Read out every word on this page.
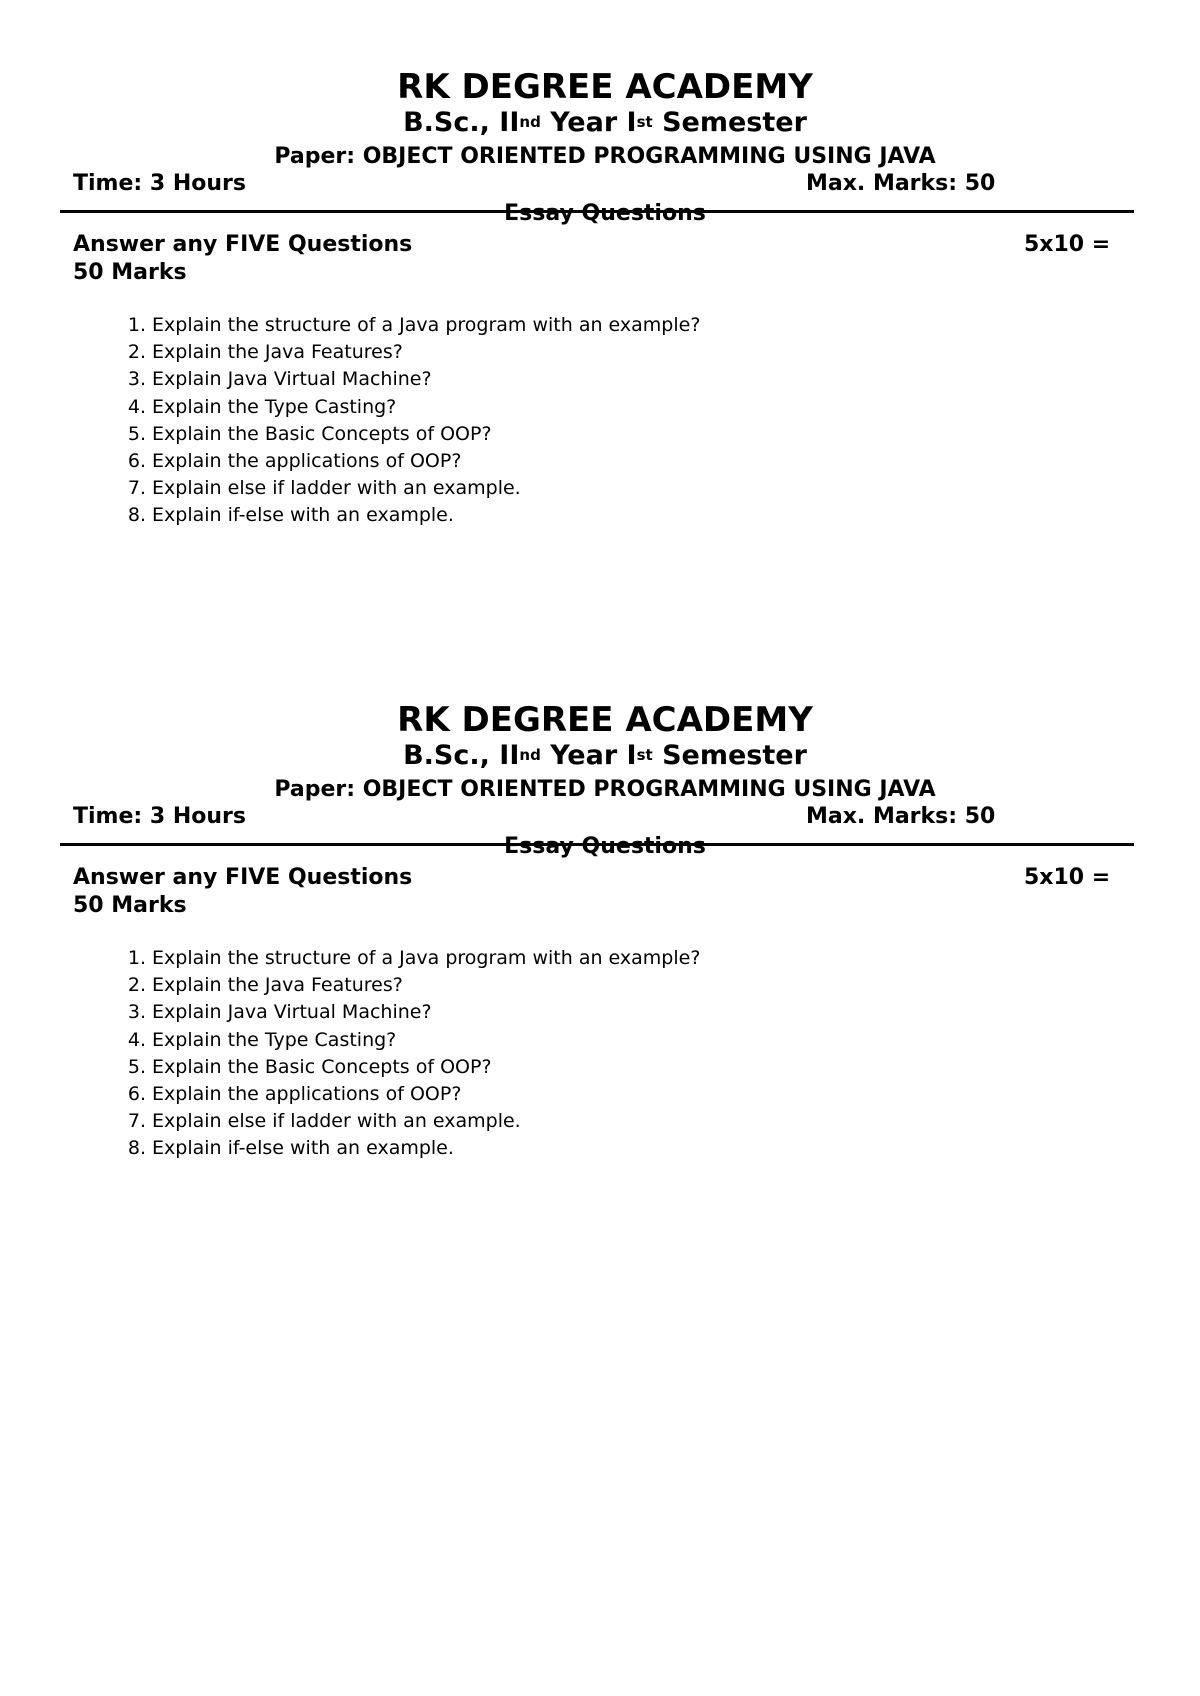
RK DEGREE ACADEMY
B.Sc., IInd Year Ist Semester
Paper: OBJECT ORIENTED PROGRAMMING USING JAVA
Time: 3 Hours	Max. Marks: 50
Essay Questions
Answer any FIVE Questions	5x10 =
50 Marks
1. Explain the structure of a Java program with an example?
2. Explain the Java Features?
3. Explain Java Virtual Machine?
4. Explain the Type Casting?
5. Explain the Basic Concepts of OOP?
6. Explain the applications of OOP?
7. Explain else if ladder with an example.
8. Explain if-else with an example.
RK DEGREE ACADEMY
B.Sc., IInd Year Ist Semester
Paper: OBJECT ORIENTED PROGRAMMING USING JAVA
Time: 3 Hours	Max. Marks: 50
Essay Questions
Answer any FIVE Questions	5x10 =
50 Marks
1. Explain the structure of a Java program with an example?
2. Explain the Java Features?
3. Explain Java Virtual Machine?
4. Explain the Type Casting?
5. Explain the Basic Concepts of OOP?
6. Explain the applications of OOP?
7. Explain else if ladder with an example.
8. Explain if-else with an example.
